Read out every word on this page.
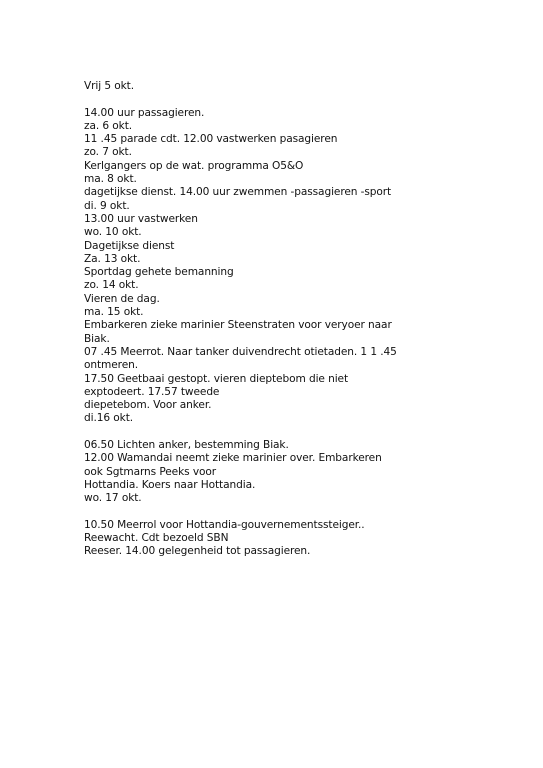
Vrij 5 okt.
14.00 uur passagieren.
za. 6 okt.
11 .45 parade cdt. 12.00 vastwerken pasagieren
zo. 7 okt.
Kerlgangers op de wat. programma O5&O
ma. 8 okt.
dagetijkse dienst. 14.00 uur zwemmen -passagieren -sport
di. 9 okt.
13.00 uur vastwerken
wo. 10 okt.
Dagetijkse dienst
Za. 13 okt.
Sportdag gehete bemanning
zo. 14 okt.
Vieren de dag.
ma. 15 okt.
Embarkeren zieke marinier Steenstraten voor veryoer naar
Biak.
07 .45 Meerrot. Naar tanker duivendrecht otietaden. 1 1 .45
ontmeren.
17.50 Geetbaai gestopt. vieren dieptebom die niet
exptodeert. 17.57 tweede
diepetebom. Voor anker.
di.16 okt.
06.50 Lichten anker, bestemming Biak.
12.00 Wamandai neemt zieke marinier over. Embarkeren
ook Sgtmarns Peeks voor
Hottandia. Koers naar Hottandia.
wo. 17 okt.
10.50 Meerrol voor Hottandia-gouvernementssteiger..
Reewacht. Cdt bezoeld SBN
Reeser. 14.00 gelegenheid tot passagieren.
